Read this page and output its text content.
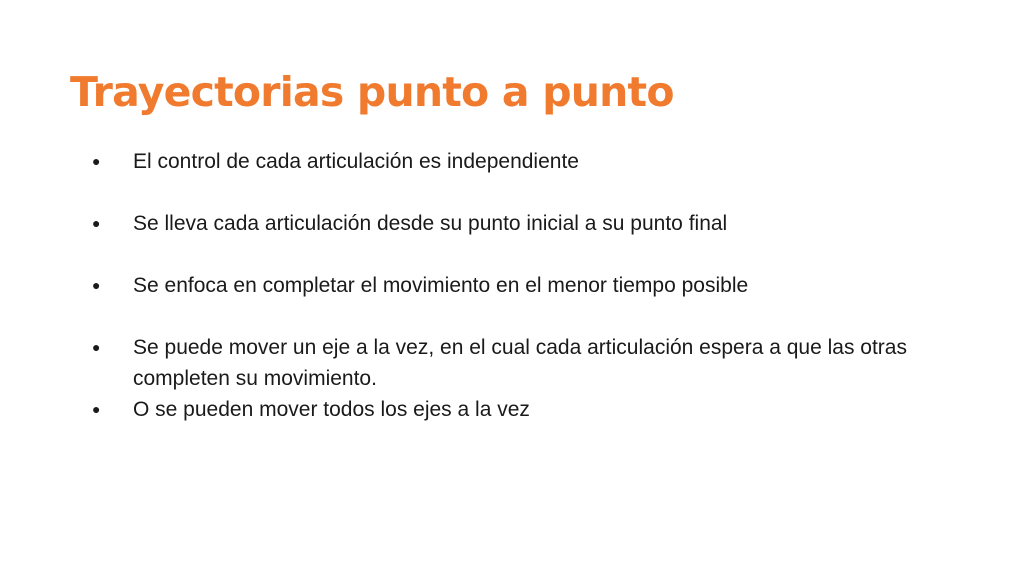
Trayectorias punto a punto
● El control de cada articulación es independiente
● Se lleva cada articulación desde su punto inicial a su punto final
● Se enfoca en completar el movimiento en el menor tiempo posible
● Se puede mover un eje a la vez, en el cual cada articulación espera a que las otras completen su movimiento.
● O se pueden mover todos los ejes a la vez
